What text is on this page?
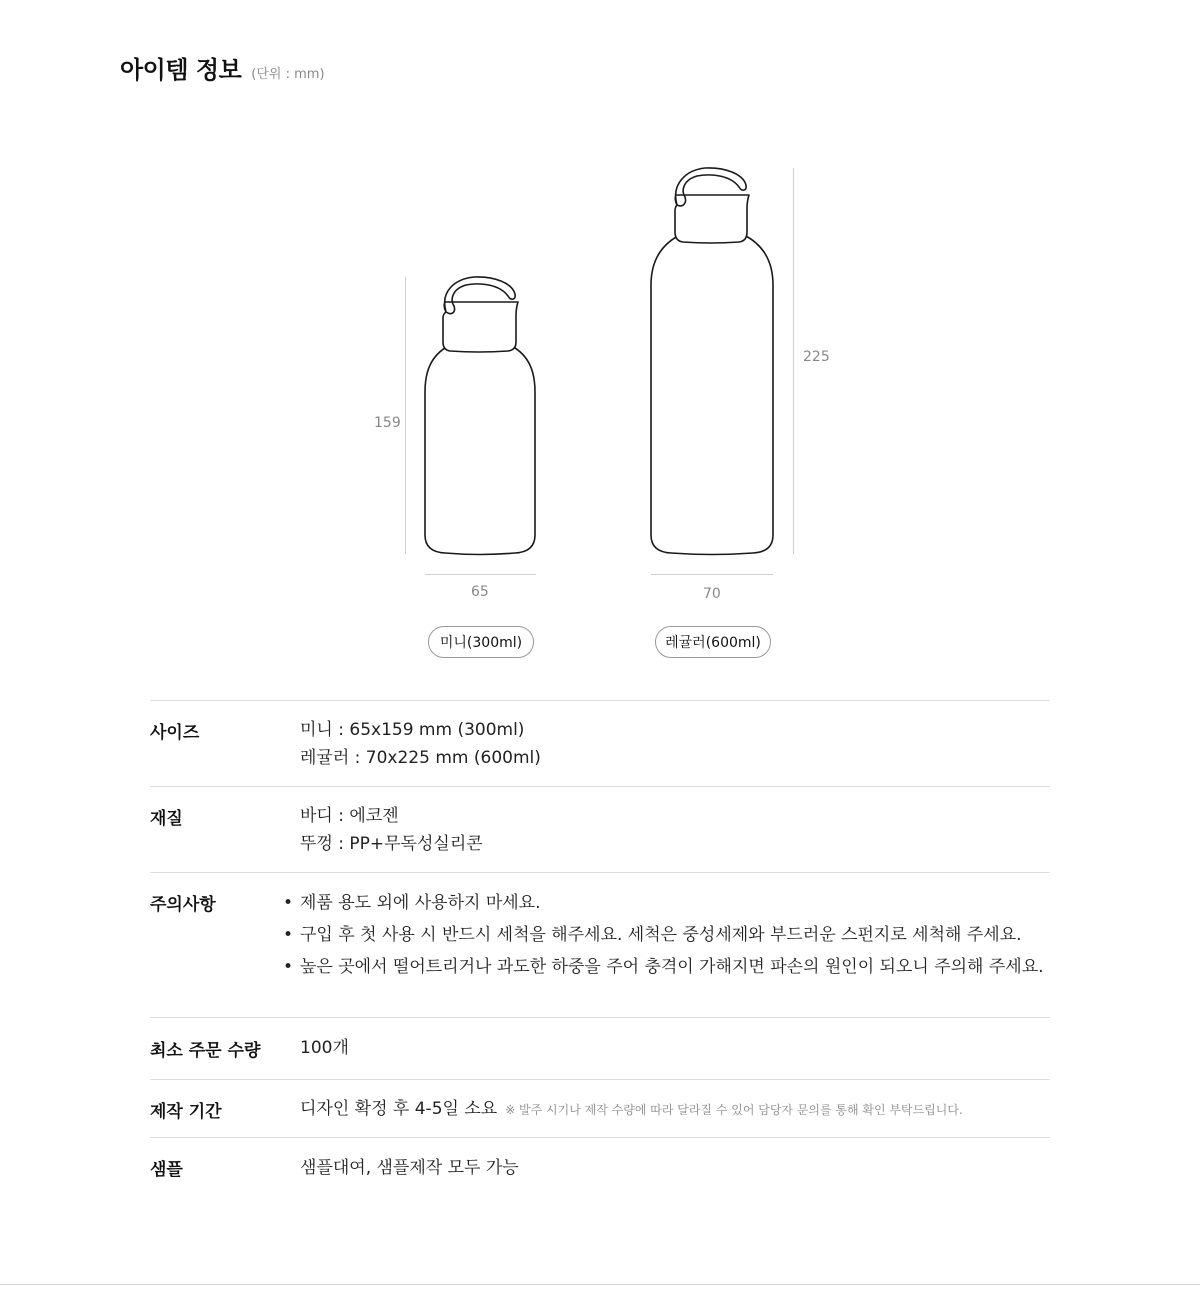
아이템 정보 (단위 : mm)
159
65
225
70
미니(300ml)	레귤러(600ml)
사이즈	미니 : 65x159 mm (300ml)
레귤러 : 70x225 mm (600ml)
재질	바디 : 에코젠
뚜껑 : PP+무독성실리콘
주의사항
•	제품 용도 외에 사용하지 마세요.
• 구입 후 첫 사용 시 반드시 세척을 해주세요. 세척은 중성세제와 부드러운 스펀지로 세척해 주세요.
• 높은 곳에서 떨어트리거나 과도한 하중을 주어 충격이 가해지면 파손의 원인이 되오니 주의해 주세요.
최소 주문 수량 100개
제작 기간	디자인 확정 후 4-5일 소요 ※ 발주 시기나 제작 수량에 따라 달라질 수 있어 담당자 문의를 통해 확인 부탁드립니다.
샘플	샘플대여, 샘플제작 모두 가능
